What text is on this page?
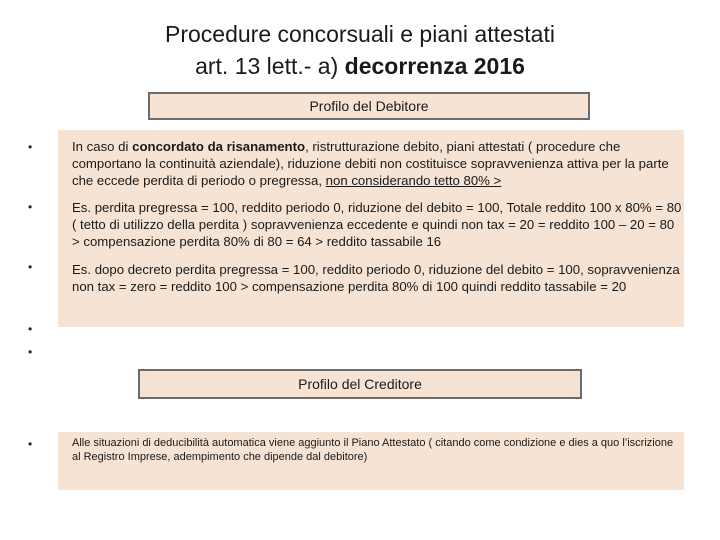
Procedure concorsuali e piani attestati
art. 13 lett.- a) decorrenza 2016
Profilo del Debitore
•
•
•
•
•
In caso di concordato da risanamento, ristrutturazione debito, piani attestati ( procedure che comportano la continuità aziendale), riduzione debiti non costituisce sopravvenienza attiva per la parte che eccede perdita di periodo o pregressa, non considerando tetto 80% >
Es. perdita pregressa = 100, reddito periodo 0, riduzione del debito = 100, Totale reddito 100 x 80% = 80 ( tetto di utilizzo della perdita ) sopravvenienza eccedente e quindi non tax = 20 = reddito 100 – 20 = 80 > compensazione perdita 80% di 80 = 64 > reddito tassabile 16
Es. dopo decreto perdita pregressa = 100, reddito periodo 0, riduzione del debito = 100, sopravvenienza non tax = zero = reddito 100 > compensazione perdita 80% di 100 quindi reddito tassabile = 20
Profilo del Creditore
•	Alle situazioni di deducibilità automatica viene aggiunto il Piano Attestato ( citando come condizione e dies a quo l’iscrizione al Registro Imprese, adempimento che dipende dal debitore)
